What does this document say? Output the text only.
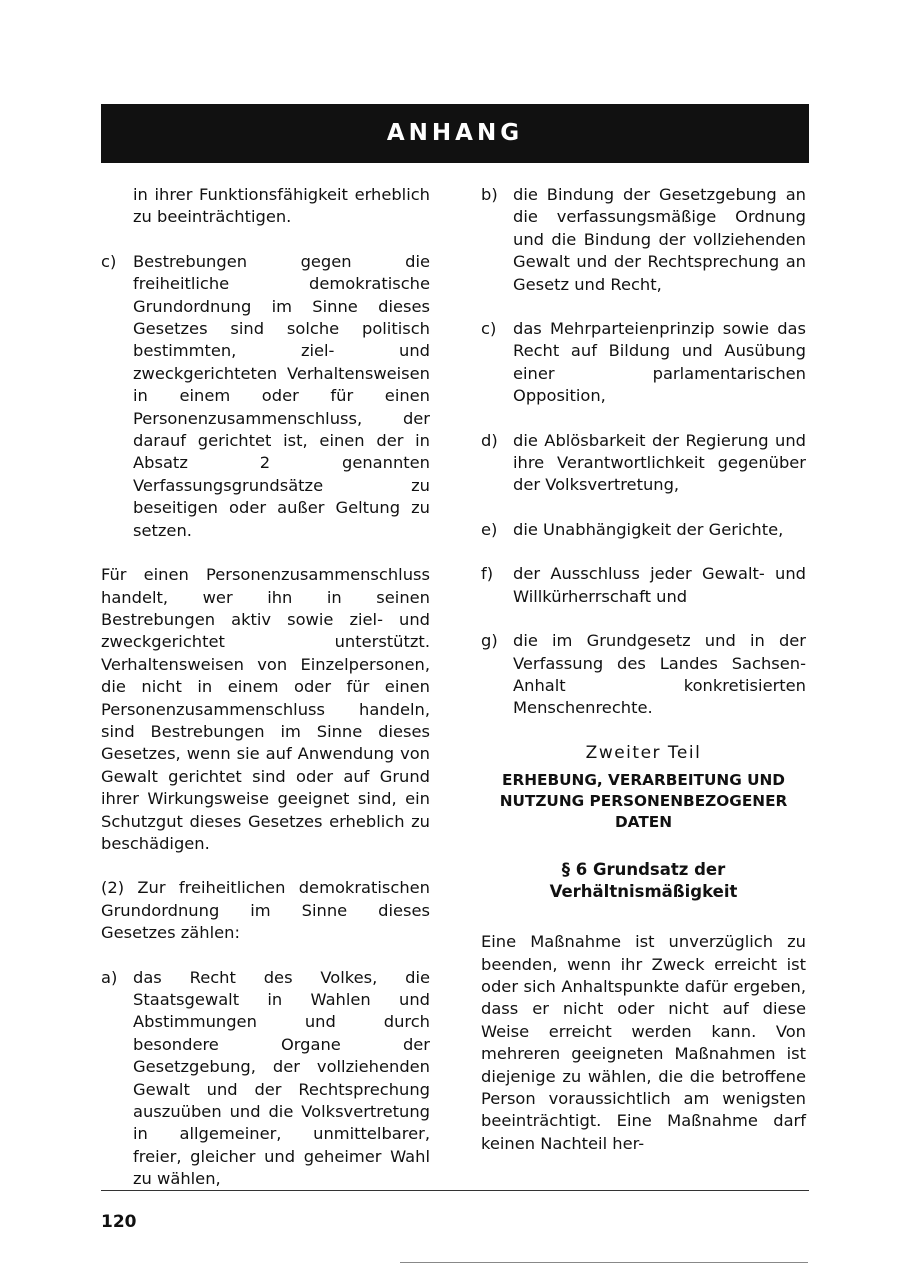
ANHANG
in ihrer Funktionsfähigkeit erheblich zu beeinträchtigen.
c)	Bestrebungen gegen die freiheitliche demokratische Grundordnung im Sinne dieses Gesetzes sind solche politisch bestimmten, ziel- und zweckgerichteten Verhaltensweisen in einem oder für einen Personenzusammenschluss, der darauf gerichtet ist, einen der in Absatz 2 genannten Verfassungsgrundsätze zu beseitigen oder außer Geltung zu setzen.
Für einen Personenzusammenschluss handelt, wer ihn in seinen Bestrebungen aktiv sowie ziel- und zweckgerichtet unterstützt. Verhaltensweisen von Einzelpersonen, die nicht in einem oder für einen Personenzusammenschluss handeln, sind Bestrebungen im Sinne dieses Gesetzes, wenn sie auf Anwendung von Gewalt gerichtet sind oder auf Grund ihrer Wirkungsweise geeignet sind, ein Schutzgut dieses Gesetzes erheblich zu beschädigen.
(2) Zur freiheitlichen demokratischen Grundordnung im Sinne dieses Gesetzes zählen:
a) das Recht des Volkes, die Staatsgewalt in Wahlen und Abstimmungen und durch besondere Organe der Gesetzgebung, der vollziehenden Gewalt und der Rechtsprechung auszuüben und die Volksvertretung in allgemeiner, unmittelbarer, freier, gleicher und geheimer Wahl zu wählen,
b) die Bindung der Gesetzgebung an die verfassungsmäßige Ordnung und die Bindung der vollziehenden Gewalt und der Rechtsprechung an Gesetz und Recht,
c)	das Mehrparteienprinzip sowie das Recht auf Bildung und Ausübung einer parlamentarischen Opposition,
d) die Ablösbarkeit der Regierung und ihre Verantwortlichkeit gegenüber der Volksvertretung,
e) die Unabhängigkeit der Gerichte,
f)	der Ausschluss jeder Gewalt- und Willkürherrschaft und
g) die im Grundgesetz und in der Verfassung des Landes Sachsen-Anhalt konkretisierten Menschenrechte.
Zweiter Teil
ERHEBUNG, VERARBEITUNG UND
NUTZUNG PERSONENBEZOGENER
DATEN
§ 6 Grundsatz der
Verhältnismäßigkeit
Eine Maßnahme ist unverzüglich zu beenden, wenn ihr Zweck erreicht ist oder sich Anhaltspunkte dafür ergeben, dass er nicht oder nicht auf diese Weise erreicht werden kann. Von mehreren geeigneten Maßnahmen ist diejenige zu wählen, die die betroffene Person voraussichtlich am wenigsten beeinträchtigt. Eine Maßnahme darf keinen Nachteil her-
120
